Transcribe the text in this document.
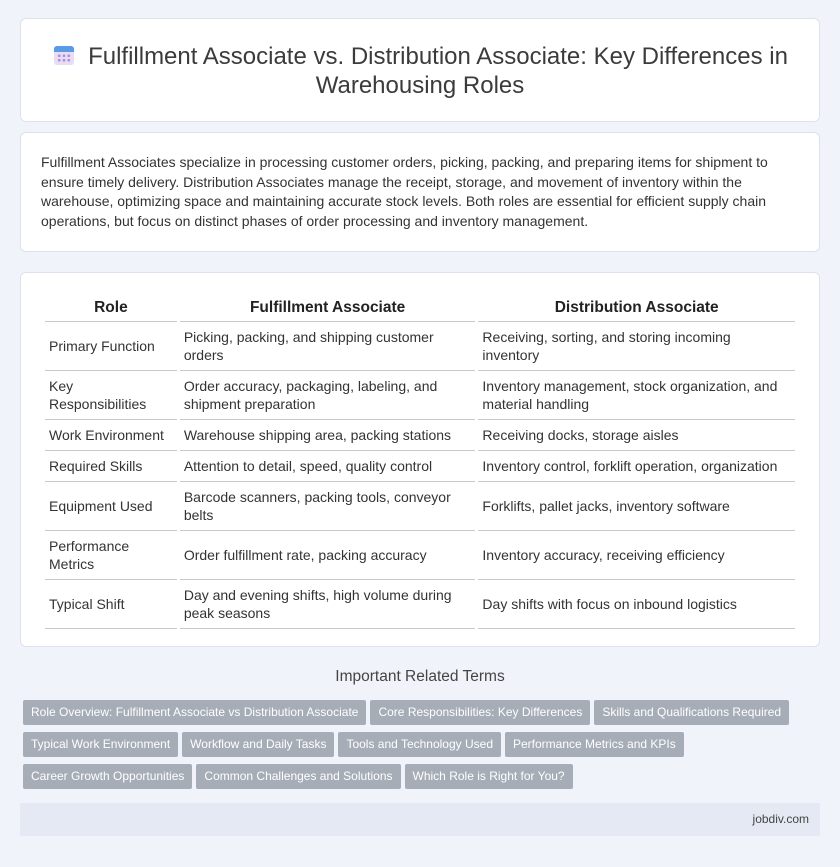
Fulfillment Associate vs. Distribution Associate: Key Differences in Warehousing Roles

Fulfillment Associates specialize in processing customer orders, picking, packing, and preparing items for shipment to ensure timely delivery. Distribution Associates manage the receipt, storage, and movement of inventory within the warehouse, optimizing space and maintaining accurate stock levels. Both roles are essential for efficient supply chain operations, but focus on distinct phases of order processing and inventory management.

Role	Fulfillment Associate	Distribution Associate
Primary Function	Picking, packing, and shipping customer orders	Receiving, sorting, and storing incoming inventory
Key Responsibilities	Order accuracy, packaging, labeling, and shipment preparation	Inventory management, stock organization, and material handling
Work Environment	Warehouse shipping area, packing stations	Receiving docks, storage aisles
Required Skills	Attention to detail, speed, quality control	Inventory control, forklift operation, organization
Equipment Used	Barcode scanners, packing tools, conveyor belts	Forklifts, pallet jacks, inventory software
Performance Metrics	Order fulfillment rate, packing accuracy	Inventory accuracy, receiving efficiency
Typical Shift	Day and evening shifts, high volume during peak seasons	Day shifts with focus on inbound logistics
Important Related Terms
Role Overview: Fulfillment Associate vs Distribution Associate Core Responsibilities: Key Differences Skills and Qualifications Required
Typical Work Environment Workflow and Daily Tasks Tools and Technology Used Performance Metrics and KPIs
Career Growth Opportunities Common Challenges and Solutions Which Role is Right for You?
jobdiv.com
